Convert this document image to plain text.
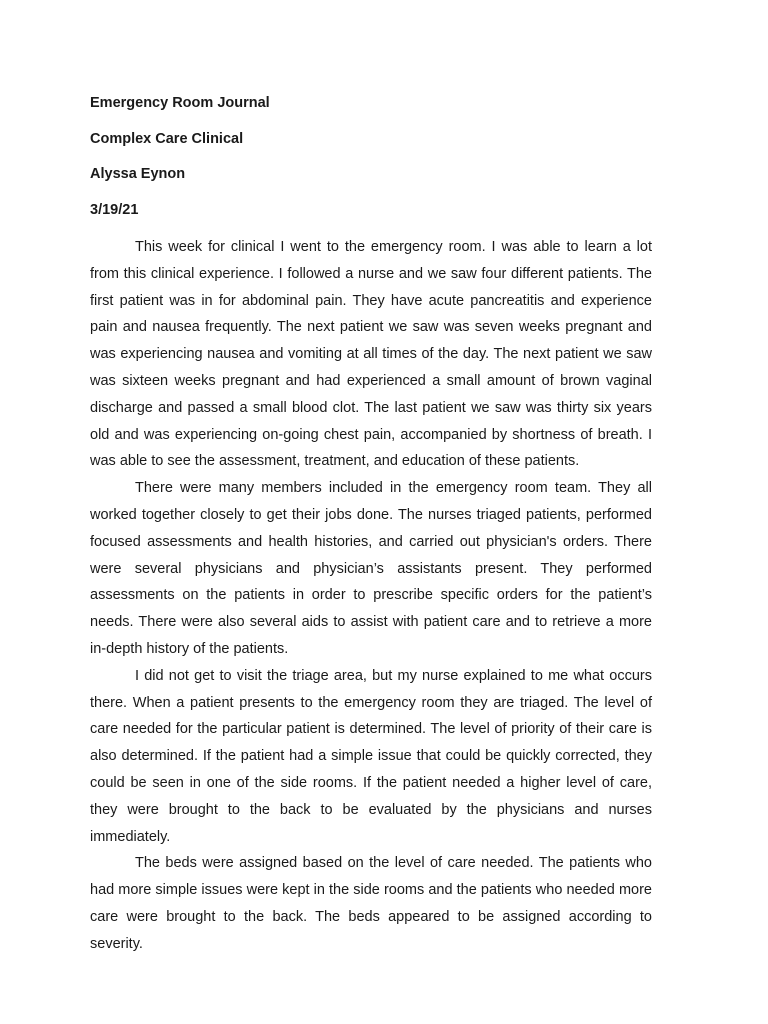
Emergency Room Journal
Complex Care Clinical
Alyssa Eynon
3/19/21

This week for clinical I went to the emergency room. I was able to learn a lot from this clinical experience. I followed a nurse and we saw four different patients. The first patient was in for abdominal pain. They have acute pancreatitis and experience pain and nausea frequently. The next patient we saw was seven weeks pregnant and was experiencing nausea and vomiting at all times of the day. The next patient we saw was sixteen weeks pregnant and had experienced a small amount of brown vaginal discharge and passed a small blood clot. The last patient we saw was thirty six years old and was experiencing on-going chest pain, accompanied by shortness of breath. I was able to see the assessment, treatment, and education of these patients.

There were many members included in the emergency room team. They all worked together closely to get their jobs done. The nurses triaged patients, performed focused assessments and health histories, and carried out physician's orders. There were several physicians and physician’s assistants present. They performed assessments on the patients in order to prescribe specific orders for the patient’s needs. There were also several aids to assist with patient care and to retrieve a more in-depth history of the patients.

I did not get to visit the triage area, but my nurse explained to me what occurs there. When a patient presents to the emergency room they are triaged. The level of care needed for the particular patient is determined. The level of priority of their care is also determined. If the patient had a simple issue that could be quickly corrected, they could be seen in one of the side rooms. If the patient needed a higher level of care, they were brought to the back to be evaluated by the physicians and nurses immediately.

The beds were assigned based on the level of care needed. The patients who had more simple issues were kept in the side rooms and the patients who needed more care were brought to the back. The beds appeared to be assigned according to severity.
